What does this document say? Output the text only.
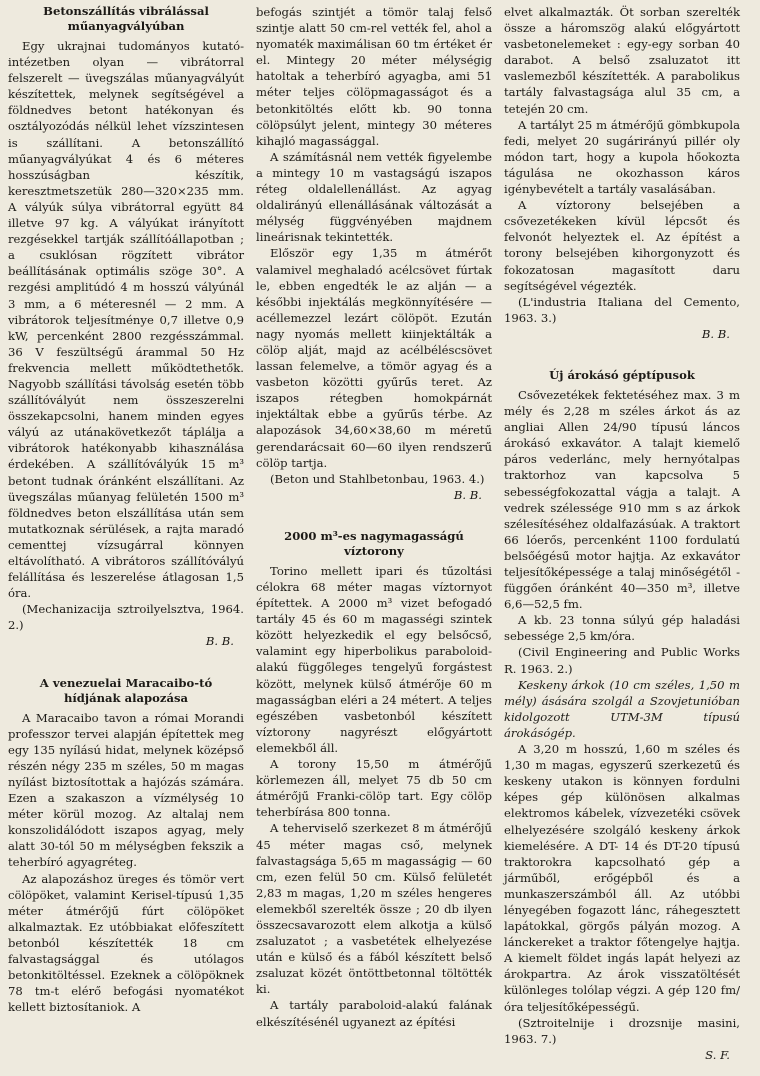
Betonszállítás vibrálással
műanyagvályúban

Egy ukrajnai tudományos kutató-intézetben olyan — vibrátorral felszerelt — üvegszálas műanyagvályút készítettek, melynek segítségével a földnedves betont hatékonyan és osztályozódás nélkül lehet vízszintesen is szállítani. A betonszállító műanyagvályúkat 4 és 6 méteres hosszúságban készítik, keresztmetszetük 280—320×235 mm. A vályúk súlya vibrátorral együtt 84 illetve 97 kg. A vályúkat irányított rezgésekkel tartják szállítóállapotban ; a csuklósan rögzített vibrátor beállításának optimális szöge 30°. A rezgési amplitúdó 4 m hosszú vályúnál 3 mm, a 6 méteresnél — 2 mm. A vibrátorok teljesítménye 0,7 illetve 0,9 kW, percenként 2800 rezgésszámmal. 36 V feszültségű árammal 50 Hz frekvencia mellett működtethetők. Nagyobb szállítási távolság esetén több szállítóvályút nem összeszerelni összekapcsolni, hanem minden egyes vályú az utánakövetkezőt táplálja a vibrátorok hatékonyabb kihasználása érdekében. A szállítóvályúk 15 m³ betont tudnak óránként elszállítani. Az üvegszálas műanyag felületén 1500 m³ földnedves beton elszállítása után sem mutatkoznak sérülések, a rajta maradó cementtej vízsugárral könnyen eltávolítható. A vibrátoros szállítóvályú felállítása és leszerelése átlagosan 1,5 óra.

(Mechanizacija sztroilyelsztva, 1964. 2.)

B. B.

A venezuelai Maracaibo-tó
hídjának alapozása

A Maracaibo tavon a római Morandi professzor tervei alapján építettek meg egy 135 nyílású hidat, melynek középső részén négy 235 m széles, 50 m magas nyílást biztosítottak a hajózás számára. Ezen a szakaszon a vízmélység 10 méter körül mozog. Az altalaj nem konszolidálódott iszapos agyag, mely alatt 30-tól 50 m mélységben fekszik a teherbíró agyagréteg.

Az alapozáshoz üreges és tömör vert cölöpöket, valamint Kerisel-típusú 1,35 méter átmérőjű fúrt cölöpöket alkalmaztak. Ez utóbbiakat előfeszített betonból készítették 18 cm falvastagsággal és utólagos betonkitöltéssel. Ezeknek a cölöpöknek 78 tm-t elérő befogási nyomatékot kellett biztosítaniok. A

befogás szintjét a tömör talaj felső szintje alatt 50 cm-rel vették fel, ahol a nyomaték maximálisan 60 tm értéket ér el. Mintegy 20 méter mélységig hatoltak a teherbíró agyagba, ami 51 méter teljes cölöpmagasságot és a betonkitöltés előtt kb. 90 tonna cölöpsúlyt jelent, mintegy 30 méteres kihajló magassággal.

A számításnál nem vették figyelembe a mintegy 10 m vastagságú iszapos réteg oldalellenállást. Az agyag oldalirányú ellenállásának változását a mélység függvényében majdnem lineárisnak tekintették.

Először egy 1,35 m átmérőt valamivel meghaladó acélcsövet fúrtak le, ebben engedték le az alján — a későbbi injektálás megkönnyítésére — acéllemezzel lezárt cölöpöt. Ezután nagy nyomás mellett kiinjektálták a cölöp alját, majd az acélbéléscsövet lassan felemelve, a tömör agyag és a vasbeton közötti gyűrűs teret. Az iszapos rétegben homokpárnát injektáltak ebbe a gyűrűs térbe. Az alapozások 34,60×38,60 m méretű gerendarácsait 60—60 ilyen rendszerű cölöp tartja.

(Beton und Stahlbetonbau, 1963. 4.)

B. B.

2000 m³-es nagymagasságú
víztorony

Torino mellett ipari és tűzoltási célokra 68 méter magas víztornyot építettek. A 2000 m³ vizet befogadó tartály 45 és 60 m magasségi szintek között helyezkedik el egy belsőcső, valamint egy hiperbolikus paraboloid-alakú függőleges tengelyű forgástest között, melynek külső átmérője 60 m magasságban eléri a 24 métert. A teljes egészében vasbetonból készített víztorony nagyrészt előgyártott elemekből áll.

A torony 15,50 m átmérőjű körlemezen áll, melyet 75 db 50 cm átmérőjű Franki-cölöp tart. Egy cölöp teherbírása 800 tonna.

A teherviselő szerkezet 8 m átmérőjű 45 méter magas cső, melynek falvastagsága 5,65 m magasságig — 60 cm, ezen felül 50 cm. Külső felületét 2,83 m magas, 1,20 m széles hengeres elemekből szerelték össze ; 20 db ilyen összecsavarozott elem alkotja a külső zsaluzatot ; a vasbetétek elhelyezése után e külső és a fából készített belső zsaluzat közét öntöttbetonnal töltötték ki.

A tartály paraboloid-alakú falának elkészítésénél ugyanezt az építési

elvet alkalmazták. Öt sorban szerelték össze a háromszög alakú előgyártott vasbetonelemeket : egy-egy sorban 40 darabot. A belső zsaluzatot itt vaslemezből készítették. A parabolikus tartály falvastagsága alul 35 cm, a tetején 20 cm.

A tartályt 25 m átmérőjű gömbkupola fedi, melyet 20 sugárirányú pillér oly módon tart, hogy a kupola hőokozta tágulása ne okozhasson káros igénybevételt a tartály vasalásában.

A víztorony belsejében a csővezetékeken kívül lépcsőt és felvonót helyeztek el. Az építést a torony belsejében kihorgonyzott és fokozatosan magasított daru segítségével végezték.

(L'industria Italiana del Cemento, 1963. 3.)

B. B.

Új árokásó géptípusok

Csővezetékek fektetéséhez max. 3 m mély és 2,28 m széles árkot ás az angliai Allen 24/90 típusú láncos árokásó exkavátor. A talajt kiemelő páros vederlánc, mely hernyótalpas traktorhoz van kapcsolva 5 sebességfokozattal vágja a talajt. A vedrek szélessége 910 mm s az árkok szélesítéséhez oldalfazásúak. A traktort 66 lóerős, percenként 1100 fordulatú belsőégésű motor hajtja. Az exkavátor teljesítőképessége a talaj minőségétől - függően óránként 40—350 m³, illetve 6,6—52,5 fm.

A kb. 23 tonna súlyú gép haladási sebessége 2,5 km/óra.

(Civil Engineering and Public Works R. 1963. 2.)

Keskeny árkok (10 cm széles, 1,50 m mély) ásására szolgál a Szovjetunióban kidolgozott UTM-3M típusú árokásógép.

A 3,20 m hosszú, 1,60 m széles és 1,30 m magas, egyszerű szerkezetű és keskeny utakon is könnyen fordulni képes gép különösen alkalmas elektromos kábelek, vízvezetéki csövek elhelyezésére szolgáló keskeny árkok kiemelésére. A DT- 14 és DT-20 típusú traktorokra kapcsolható gép a járműből, erőgépből és a munkaszerszámból áll. Az utóbbi lényegében fogazott lánc, ráhegesztett lapátokkal, görgős pályán mozog. A lánckereket a traktor főtengelye hajtja. A kiemelt földet ingás lapát helyezi az árokpartra. Az árok visszatöltését különleges tolólap végzi. A gép 120 fm/óra teljesítőképességű.

(Sztroitelnije i drozsnije masini, 1963. 7.)

S. F.
